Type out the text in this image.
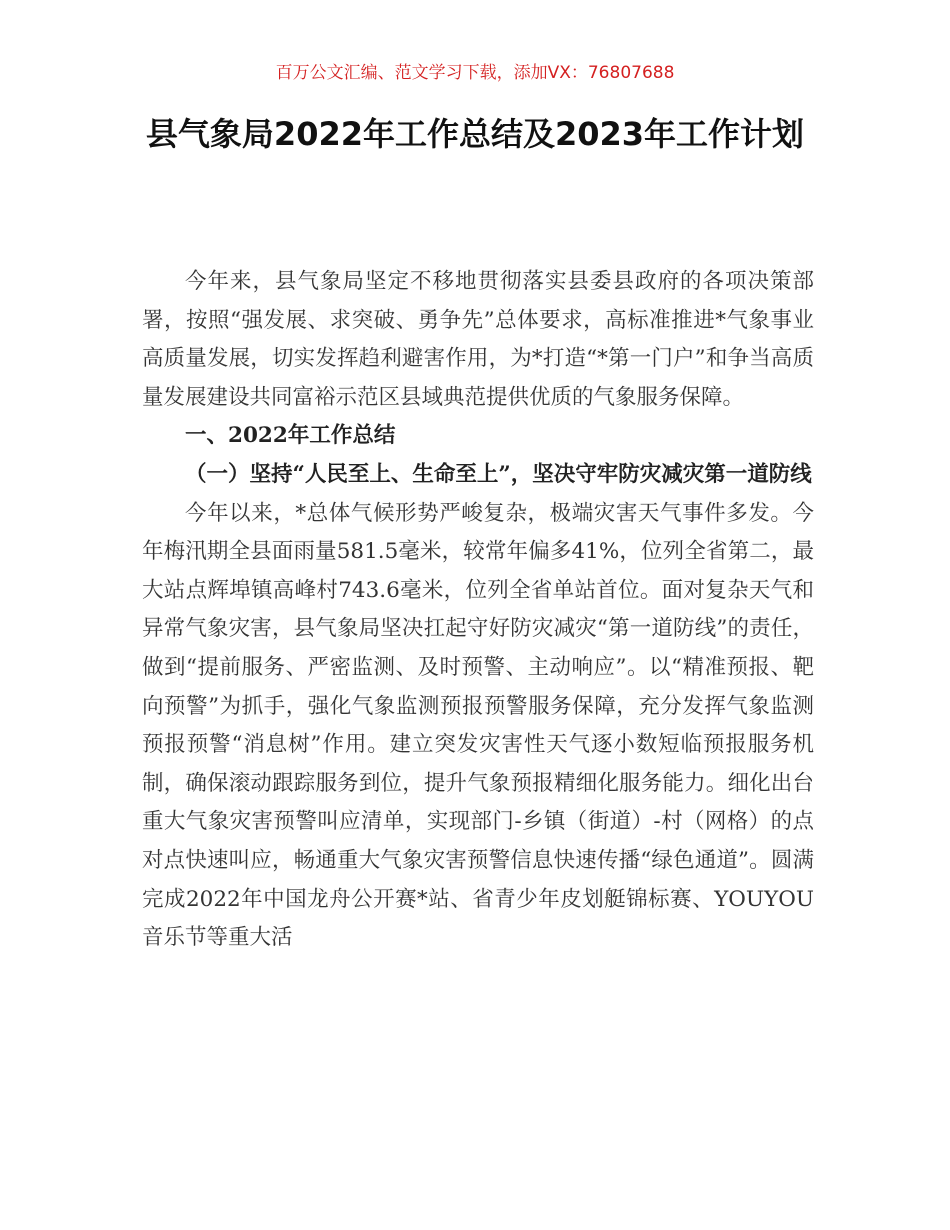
百万公文汇编、范文学习下载，添加VX：76807688
县气象局2022年工作总结及2023年工作计划

今年来，县气象局坚定不移地贯彻落实县委县政府的各项决策部署，按照“强发展、求突破、勇争先”总体要求，高标准推进*气象事业高质量发展，切实发挥趋利避害作用，为*打造“*第一门户”和争当高质量发展建设共同富裕示范区县域典范提供优质的气象服务保障。

一、2022年工作总结

（一）坚持“人民至上、生命至上”，坚决守牢防灾减灾第一道防线

今年以来，*总体气候形势严峻复杂，极端灾害天气事件多发。今年梅汛期全县面雨量581.5毫米，较常年偏多41%，位列全省第二，最大站点辉埠镇高峰村743.6毫米，位列全省单站首位。面对复杂天气和异常气象灾害，县气象局坚决扛起守好防灾减灾“第一道防线”的责任，做到“提前服务、严密监测、及时预警、主动响应”。以“精准预报、靶向预警”为抓手，强化气象监测预报预警服务保障，充分发挥气象监测预报预警“消息树”作用。建立突发灾害性天气逐小数短临预报服务机制，确保滚动跟踪服务到位，提升气象预报精细化服务能力。细化出台重大气象灾害预警叫应清单，实现部门-乡镇（街道）-村（网格）的点对点快速叫应，畅通重大气象灾害预警信息快速传播“绿色通道”。圆满完成2022年中国龙舟公开赛*站、省青少年皮划艇锦标赛、YOUYOU音乐节等重大活
